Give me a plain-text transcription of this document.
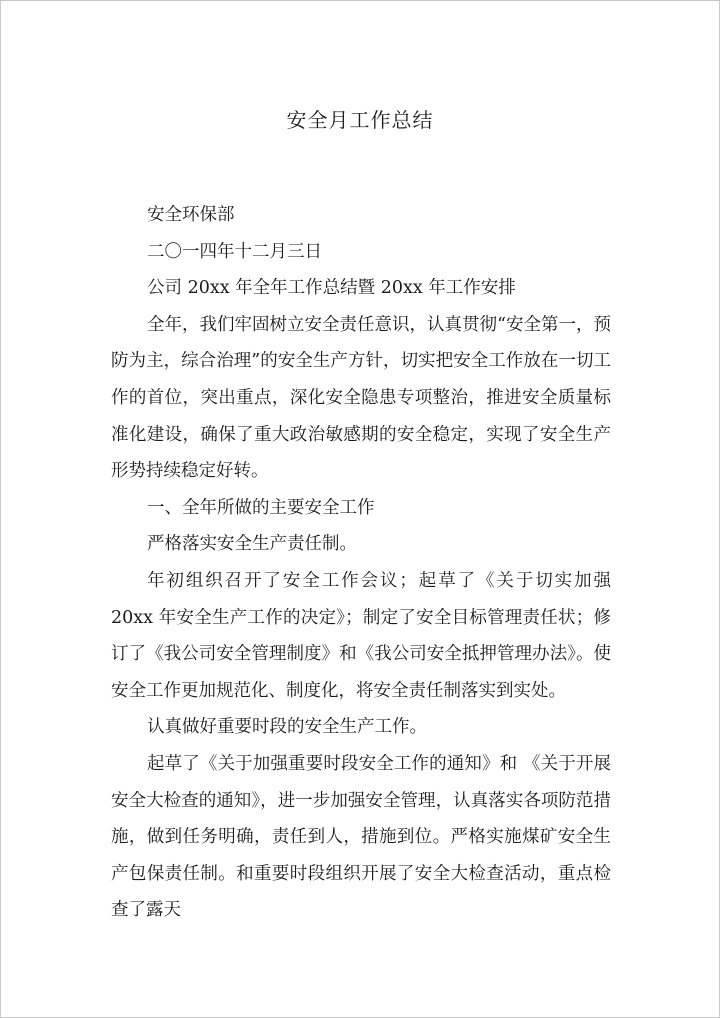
安全月工作总结

安全环保部

二〇一四年十二月三日

公司 20xx 年全年工作总结暨 20xx 年工作安排

全年，我们牢固树立安全责任意识，认真贯彻“安全第一，预防为主，综合治理”的安全生产方针，切实把安全工作放在一切工作的首位，突出重点，深化安全隐患专项整治，推进安全质量标准化建设，确保了重大政治敏感期的安全稳定，实现了安全生产形势持续稳定好转。

一、全年所做的主要安全工作

严格落实安全生产责任制。

年初组织召开了安全工作会议；起草了《关于切实加强 20xx 年安全生产工作的决定》；制定了安全目标管理责任状；修订了《我公司安全管理制度》和《我公司安全抵押管理办法》。使安全工作更加规范化、制度化，将安全责任制落实到实处。

认真做好重要时段的安全生产工作。

起草了《关于加强重要时段安全工作的通知》和 《关于开展安全大检查的通知》，进一步加强安全管理，认真落实各项防范措施，做到任务明确，责任到人，措施到位。严格实施煤矿安全生产包保责任制。和重要时段组织开展了安全大检查活动，重点检查了露天
